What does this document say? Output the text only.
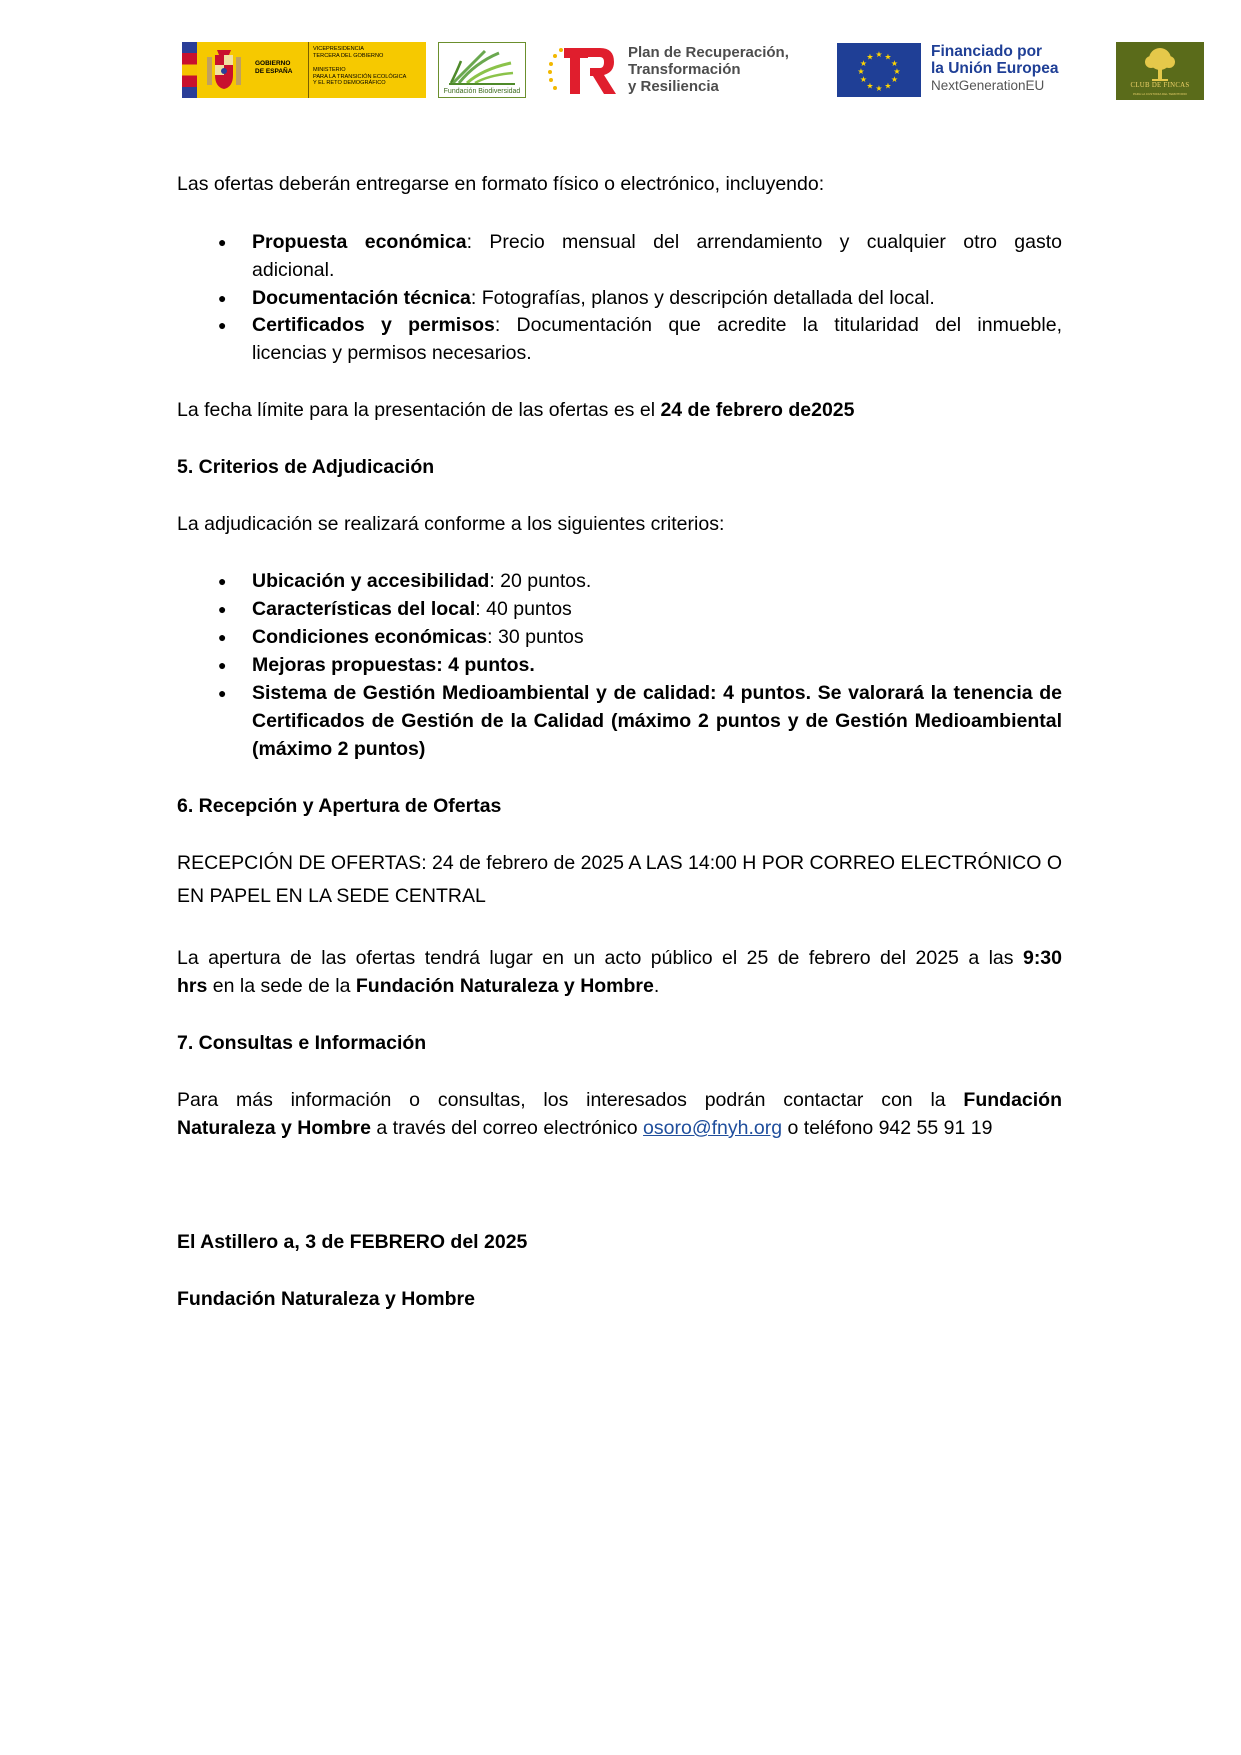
GOBIERNO
DE ESPAÑA
VICEPRESIDENCIA
TERCERA DEL GOBIERNO
MINISTERIO
PARA LA TRANSICIÓN ECOLÓGICA
Y EL RETO DEMOGRÁFICO
Fundación Biodiversidad
Plan de Recuperación,
Transformación
y Resiliencia
★ ★
★
★
★
★
★
★
★
★
★
★	Financiado por
la Unión Europea
NextGenerationEU	CLUB DE FINCAS
PARA LA CUSTODIA DEL TERRITORIO
Las ofertas deberán entregarse en formato físico o electrónico, incluyendo:
● Propuesta económica: Precio mensual del arrendamiento y cualquier otro gasto
adicional.
● Documentación técnica: Fotografías, planos y descripción detallada del local.
● Certificados y permisos: Documentación que acredite la titularidad del inmueble,
licencias y permisos necesarios.
La fecha límite para la presentación de las ofertas es el 24 de febrero de2025
5. Criterios de Adjudicación
La adjudicación se realizará conforme a los siguientes criterios:
● Ubicación y accesibilidad: 20 puntos.
● Características del local: 40 puntos
● Condiciones económicas: 30 puntos
● Mejoras propuestas: 4 puntos.
● Sistema de Gestión Medioambiental y de calidad: 4 puntos. Se valorará la tenencia de
Certificados de Gestión de la Calidad (máximo 2 puntos y de Gestión Medioambiental
(máximo 2 puntos)
6. Recepción y Apertura de Ofertas
RECEPCIÓN DE OFERTAS: 24 de febrero de 2025 A LAS 14:00 H POR CORREO ELECTRÓNICO O
EN PAPEL EN LA SEDE CENTRAL
La apertura de las ofertas tendrá lugar en un acto público el 25 de febrero del 2025 a las 9:30
hrs en la sede de la Fundación Naturaleza y Hombre.
7. Consultas e Información
Para más información o consultas, los interesados podrán contactar con la Fundación
Naturaleza y Hombre a través del correo electrónico osoro@fnyh.org o teléfono 942 55 91 19
El Astillero a, 3 de FEBRERO del 2025
Fundación Naturaleza y Hombre
